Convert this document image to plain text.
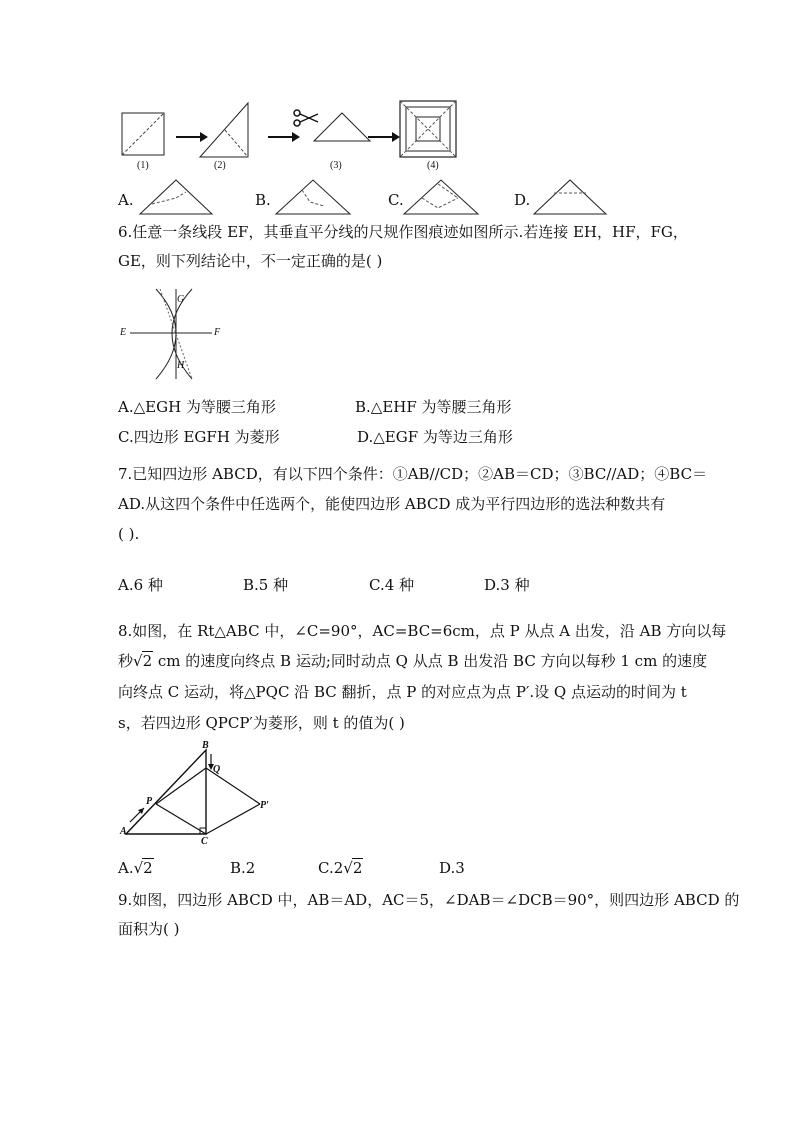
(1)	(2)	(3)	(4)
A.	B.	C.	D.
6.任意一条线段 EF，其垂直平分线的尺规作图痕迹如图所示.若连接 EH，HF，FG，
GE，则下列结论中，不一定正确的是( )
E	F
G
H
A.△EGH 为等腰三角形	B.△EHF 为等腰三角形
C.四边形 EGFH 为菱形	D.△EGF 为等边三角形
7.已知四边形 ABCD，有以下四个条件：①AB//CD；②AB＝CD；③BC//AD；④BC＝
AD.从这四个条件中任选两个，能使四边形 ABCD 成为平行四边形的选法种数共有
( ).
A.6 种	B.5 种	C.4 种	D.3 种
8.如图，在 Rt△ABC 中，∠C=90°，AC=BC=6cm，点 P 从点 A 出发，沿 AB 方向以每
秒√2 cm 的速度向终点 B 运动;同时动点 Q 从点 B 出发沿 BC 方向以每秒 1 cm 的速度
向终点 C 运动，将△PQC 沿 BC 翻折，点 P 的对应点为点 P′.设 Q 点运动的时间为 t
s，若四边形 QPCP′为菱形，则 t 的值为( )
A
B
C
P
Q
P′
A.√2	B.2	C.2√2	D.3
9.如图，四边形 ABCD 中，AB＝AD，AC＝5，∠DAB＝∠DCB＝90°，则四边形 ABCD 的
面积为( )
